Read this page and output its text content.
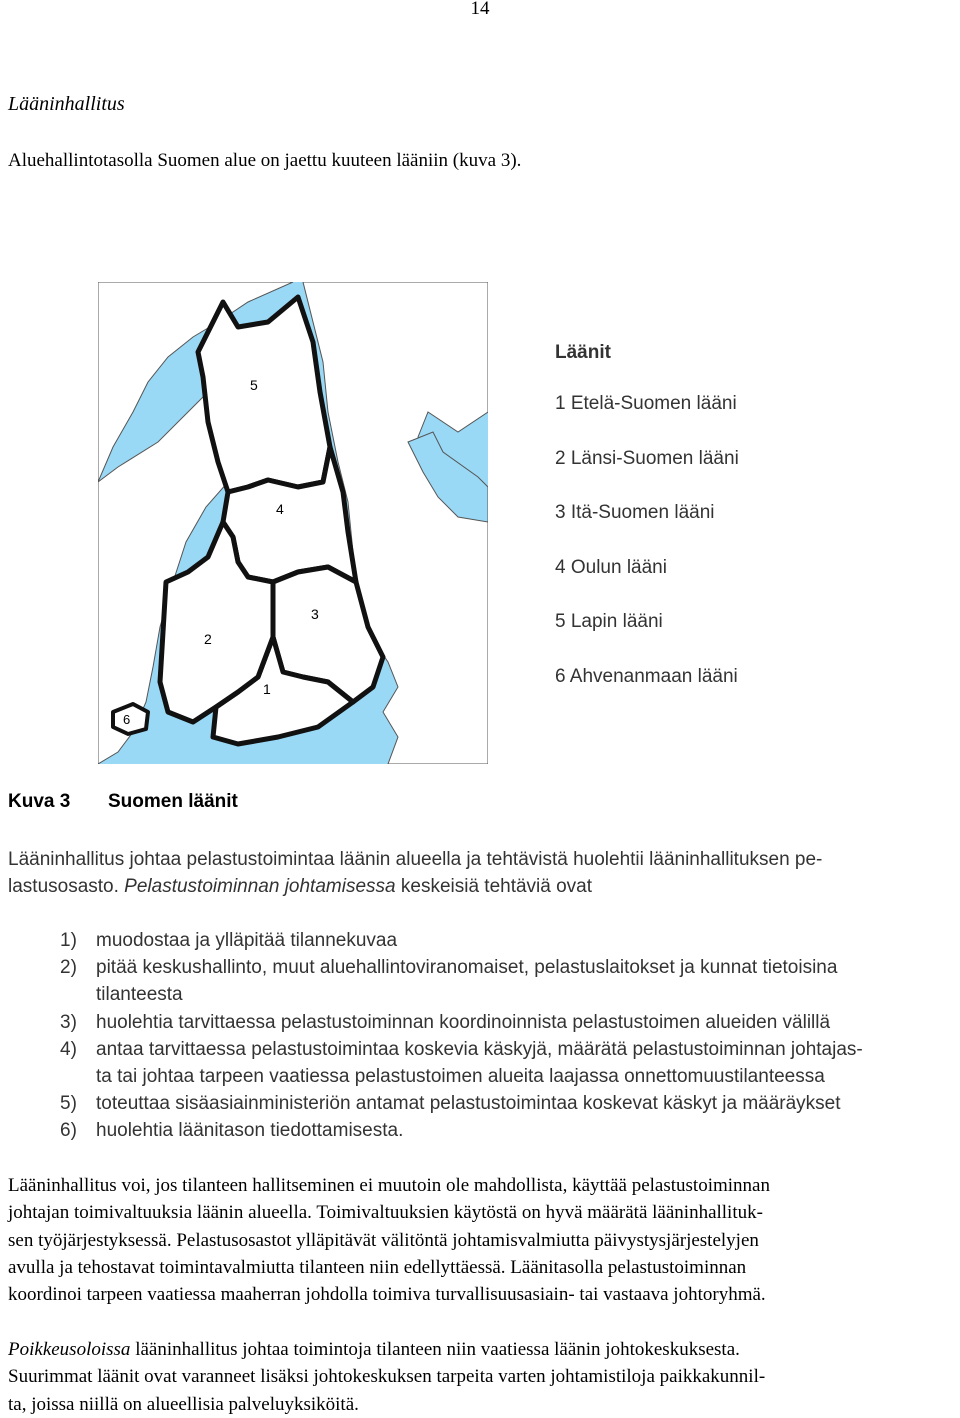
14
Lääninhallitus
Aluehallintotasolla Suomen alue on jaettu kuuteen lääniin (kuva 3).
5
4
3
2
1
6
Läänit
1 Etelä-Suomen lääni
2 Länsi-Suomen lääni
3 Itä-Suomen lääni
4 Oulun lääni
5 Lapin lääni
6 Ahvenanmaan lääni
Kuva 3 Suomen läänit
Lääninhallitus johtaa pelastustoimintaa läänin alueella ja tehtävistä huolehtii lääninhallituksen pe-
lastusosasto. Pelastustoiminnan johtamisessa keskeisiä tehtäviä ovat
1) muodostaa ja ylläpitää tilannekuvaa
2) pitää keskushallinto, muut aluehallintoviranomaiset, pelastuslaitokset ja kunnat tietoisina
tilanteesta
3) huolehtia tarvittaessa pelastustoiminnan koordinoinnista pelastustoimen alueiden välillä
4) antaa tarvittaessa pelastustoimintaa koskevia käskyjä, määrätä pelastustoiminnan johtajas-
ta tai johtaa tarpeen vaatiessa pelastustoimen alueita laajassa onnettomuustilanteessa
5) toteuttaa sisäasiainministeriön antamat pelastustoimintaa koskevat käskyt ja määräykset
6) huolehtia läänitason tiedottamisesta.
Lääninhallitus voi, jos tilanteen hallitseminen ei muutoin ole mahdollista, käyttää pelastustoiminnan
johtajan toimivaltuuksia läänin alueella. Toimivaltuuksien käytöstä on hyvä määrätä lääninhallituk-
sen työjärjestyksessä. Pelastusosastot ylläpitävät välitöntä johtamisvalmiutta päivystysjärjestelyjen
avulla ja tehostavat toimintavalmiutta tilanteen niin edellyttäessä. Läänitasolla pelastustoiminnan
koordinoi tarpeen vaatiessa maaherran johdolla toimiva turvallisuusasiain- tai vastaava johtoryhmä.
Poikkeusoloissa lääninhallitus johtaa toimintoja tilanteen niin vaatiessa läänin johtokeskuksesta.
Suurimmat läänit ovat varanneet lisäksi johtokeskuksen tarpeita varten johtamistiloja paikkakunnil-
ta, joissa niillä on alueellisia palveluyksiköitä.
